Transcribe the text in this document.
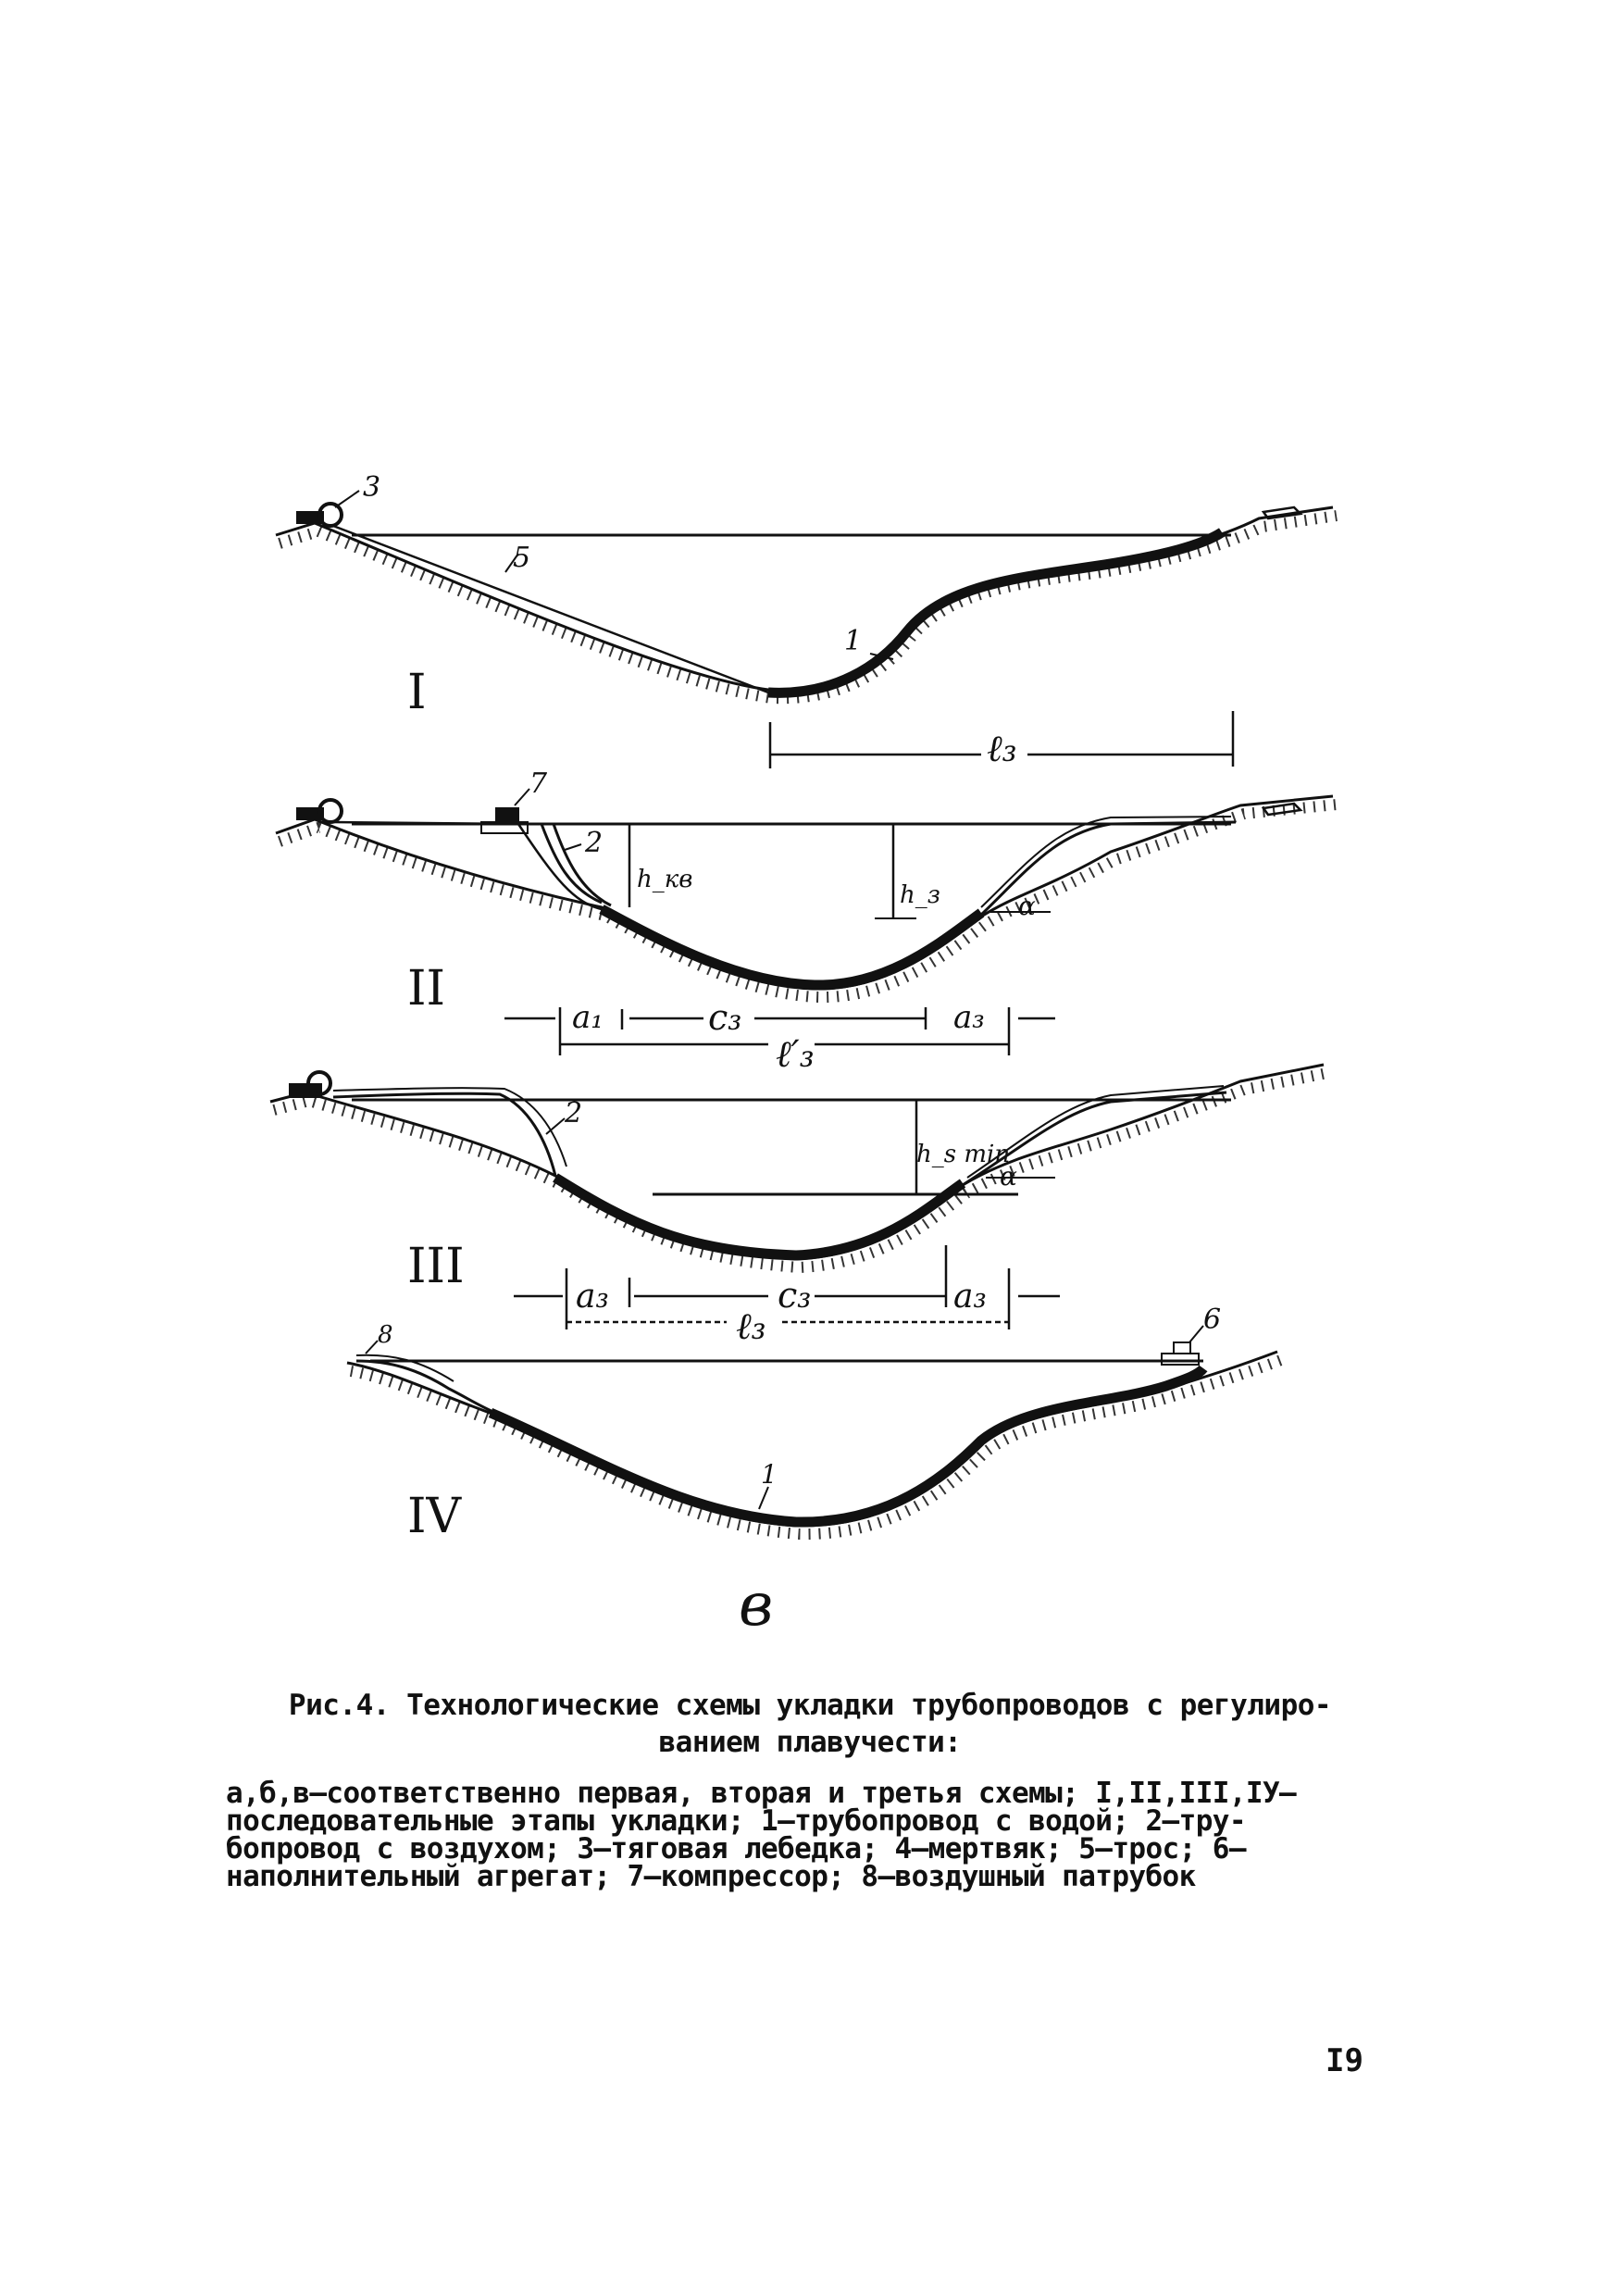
3
5
1
I
ℓ₃
7
2
h_кв
h_з	α
II
a₁	c₃	a₃
ℓ′₃
2
h_s min
α
III
a₃	c₃	a₃
ℓ₃	6
8
1
IV
в
Рис.4. Технологические схемы укладки трубопроводов с регулиро-
ванием плавучести:
а,б,в–соответственно первая, вторая и третья схемы; I,II,III,IУ–
последовательные этапы укладки; 1–трубопровод с водой; 2–тру-
бопровод с воздухом; 3–тяговая лебедка; 4–мертвяк; 5–трос; 6–
наполнительный агрегат; 7–компрессор; 8–воздушный патрубок
I9
